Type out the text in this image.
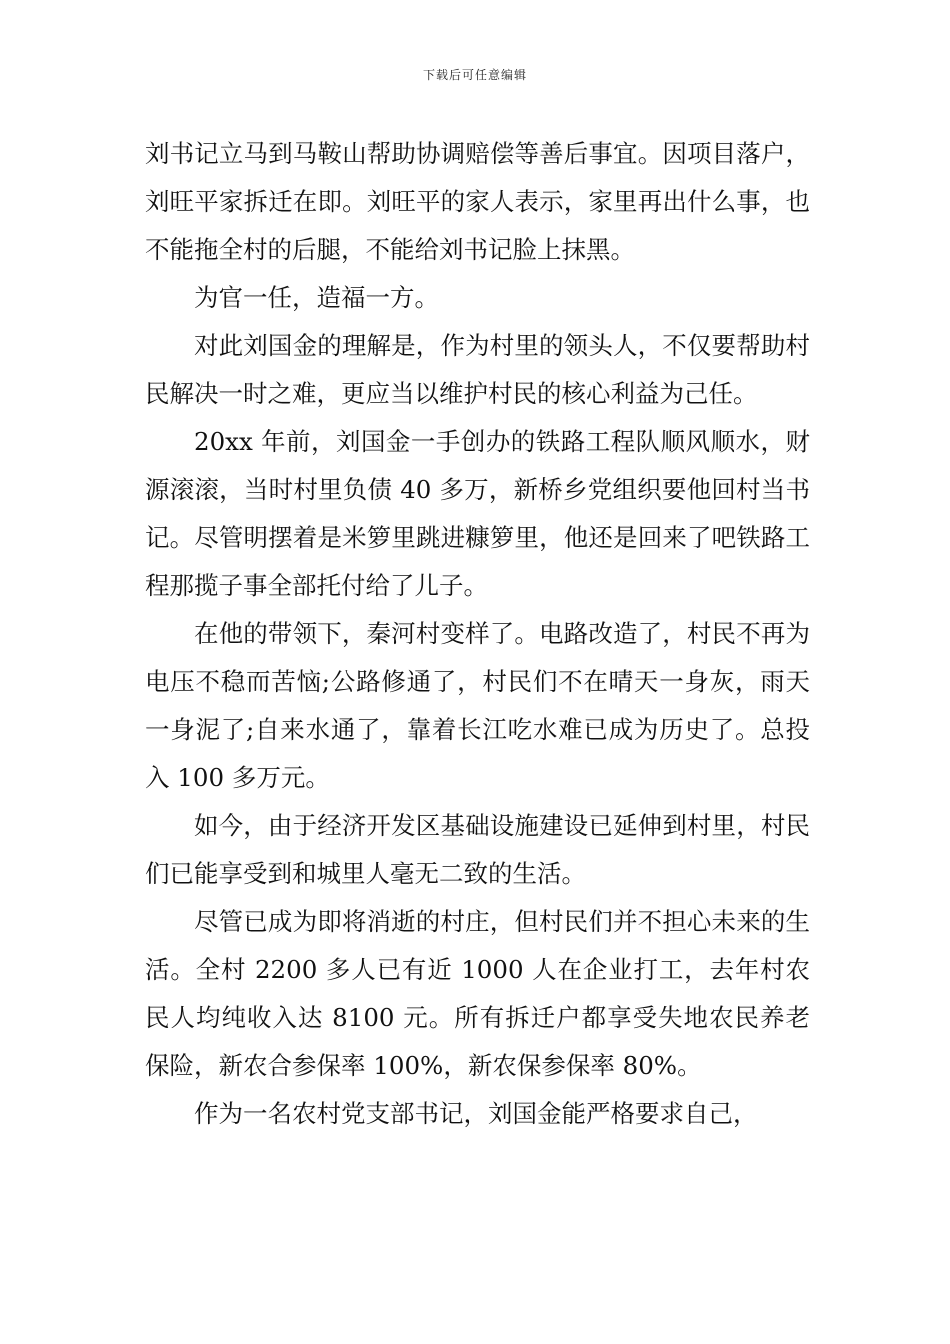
下载后可任意编辑

刘书记立马到马鞍山帮助协调赔偿等善后事宜。因项目落户，刘旺平家拆迁在即。刘旺平的家人表示，家里再出什么事，也不能拖全村的后腿，不能给刘书记脸上抹黑。

为官一任，造福一方。

对此刘国金的理解是，作为村里的领头人，不仅要帮助村民解决一时之难，更应当以维护村民的核心利益为己任。

20xx 年前，刘国金一手创办的铁路工程队顺风顺水，财源滚滚，当时村里负债 40 多万，新桥乡党组织要他回村当书记。尽管明摆着是米箩里跳进糠箩里，他还是回来了吧铁路工程那揽子事全部托付给了儿子。

在他的带领下，秦河村变样了。电路改造了，村民不再为电压不稳而苦恼;公路修通了，村民们不在晴天一身灰，雨天一身泥了;自来水通了，靠着长江吃水难已成为历史了。总投入 100 多万元。

如今，由于经济开发区基础设施建设已延伸到村里，村民们已能享受到和城里人毫无二致的生活。

尽管已成为即将消逝的村庄，但村民们并不担心未来的生活。全村 2200 多人已有近 1000 人在企业打工，去年村农民人均纯收入达 8100 元。所有拆迁户都享受失地农民养老保险，新农合参保率 100%，新农保参保率 80%。

作为一名农村党支部书记，刘国金能严格要求自己，
